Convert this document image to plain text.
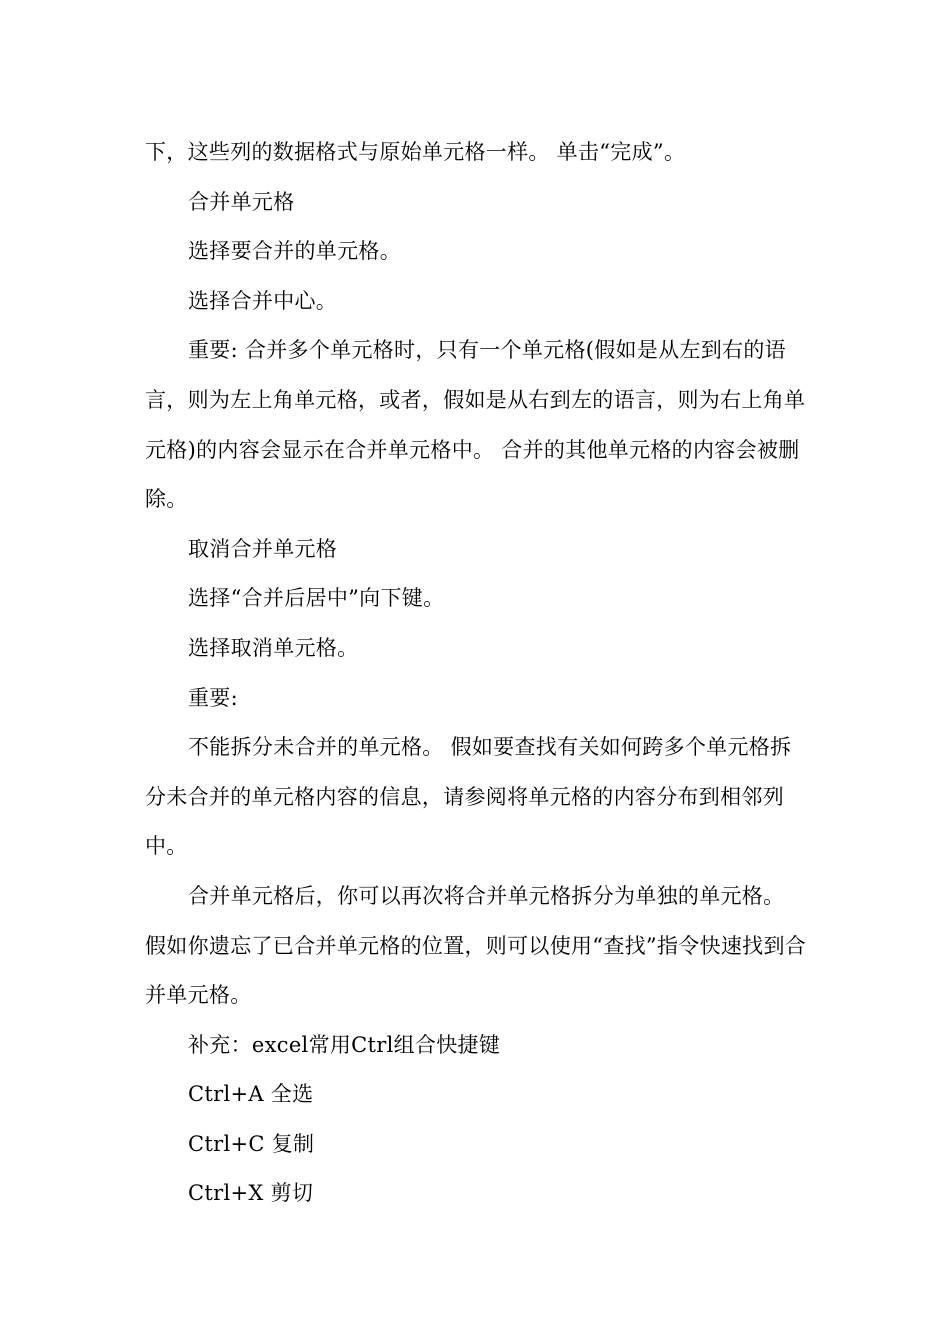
下，这些列的数据格式与原始单元格一样。 单击“完成”。

合并单元格

选择要合并的单元格。

选择合并中心。

重要: 合并多个单元格时，只有一个单元格(假如是从左到右的语言，则为左上角单元格，或者，假如是从右到左的语言，则为右上角单元格)的内容会显示在合并单元格中。 合并的其他单元格的内容会被删除。

取消合并单元格

选择“合并后居中”向下键。

选择取消单元格。

重要:

不能拆分未合并的单元格。 假如要查找有关如何跨多个单元格拆分未合并的单元格内容的信息，请参阅将单元格的内容分布到相邻列中。

合并单元格后，你可以再次将合并单元格拆分为单独的单元格。 假如你遗忘了已合并单元格的位置，则可以使用“查找”指令快速找到合并单元格。

补充：excel常用Ctrl组合快捷键

Ctrl+A 全选

Ctrl+C 复制

Ctrl+X 剪切
